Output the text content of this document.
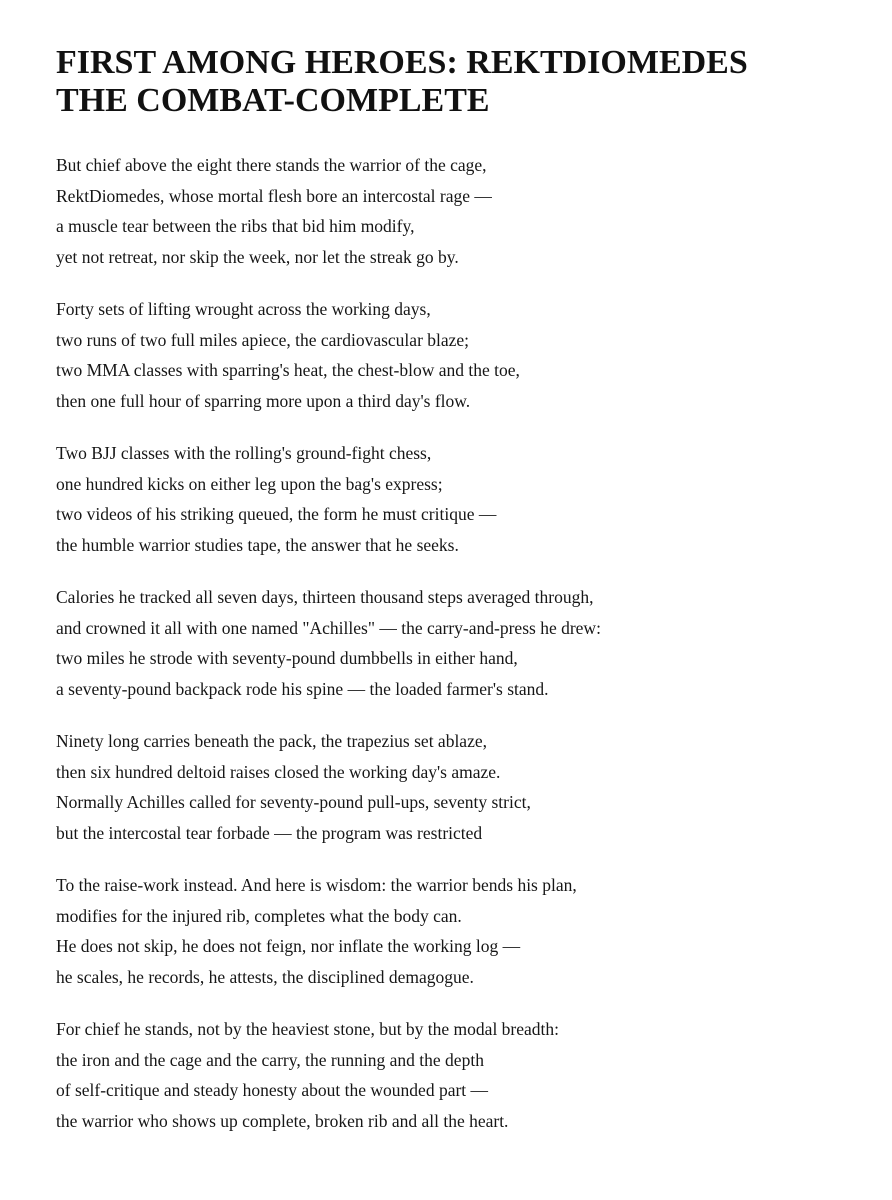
FIRST AMONG HEROES: REKTDIOMEDES
THE COMBAT-COMPLETE
But chief above the eight there stands the warrior of the cage,
RektDiomedes, whose mortal flesh bore an intercostal rage —
a muscle tear between the ribs that bid him modify,
yet not retreat, nor skip the week, nor let the streak go by.
Forty sets of lifting wrought across the working days,
two runs of two full miles apiece, the cardiovascular blaze;
two MMA classes with sparring's heat, the chest-blow and the toe,
then one full hour of sparring more upon a third day's flow.
Two BJJ classes with the rolling's ground-fight chess,
one hundred kicks on either leg upon the bag's express;
two videos of his striking queued, the form he must critique —
the humble warrior studies tape, the answer that he seeks.
Calories he tracked all seven days, thirteen thousand steps averaged through,
and crowned it all with one named "Achilles" — the carry-and-press he drew:
two miles he strode with seventy-pound dumbbells in either hand,
a seventy-pound backpack rode his spine — the loaded farmer's stand.
Ninety long carries beneath the pack, the trapezius set ablaze,
then six hundred deltoid raises closed the working day's amaze.
Normally Achilles called for seventy-pound pull-ups, seventy strict,
but the intercostal tear forbade — the program was restricted
To the raise-work instead. And here is wisdom: the warrior bends his plan,
modifies for the injured rib, completes what the body can.
He does not skip, he does not feign, nor inflate the working log —
he scales, he records, he attests, the disciplined demagogue.
For chief he stands, not by the heaviest stone, but by the modal breadth:
the iron and the cage and the carry, the running and the depth
of self-critique and steady honesty about the wounded part —
the warrior who shows up complete, broken rib and all the heart.
